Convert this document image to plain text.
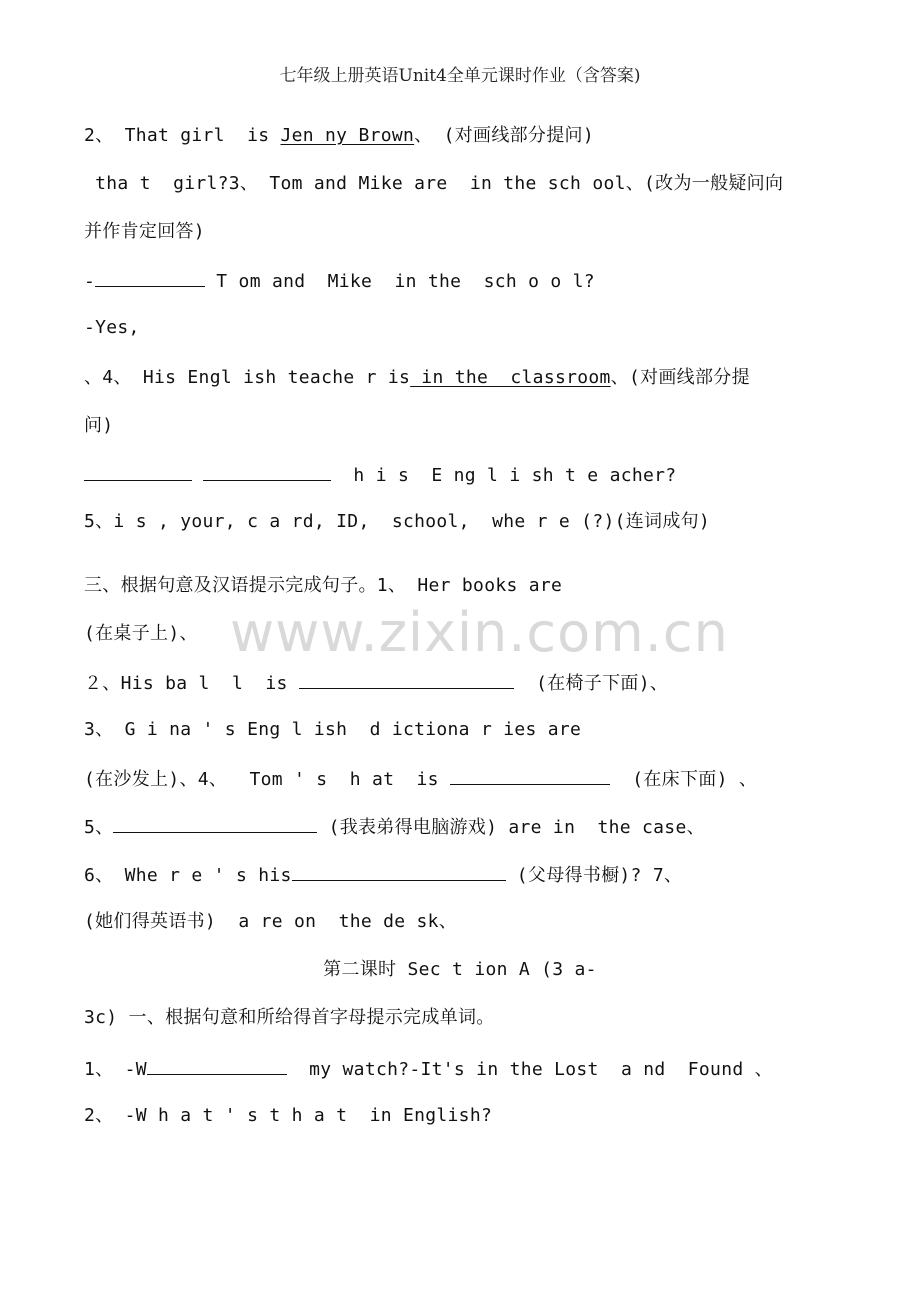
七年级上册英语Unit4全单元课时作业（含答案)
www.zixin.com.cn
2、 That girl  is Jen ny Brown、 (对画线部分提问)﻿﻿
tha t  girl?3﻿、 Tom and Mike are  in the sch ool、(改为一般疑问向
并作肯定回答)
-	T om and  Mike  in the  sch o o l?
-Yes,
、4﻿、 His Engl ish teache r is in the  classroom、(对画线部分提
问)
h i s  E ng l i sh t e acher?
5、i s , your, c a rd, ID,  school,  whe r e (?)(连词成句)﻿
三、根据句意及汉语提示完成句子。1﻿、 Her books are
(在桌子上)、
２、His ba l  l  is	(在椅子下面)、
3、 G i na ' s Eng l ish  d ictiona r ies are
(在沙发上)、4﻿、  Tom ' s  h at  is	(在床下面) 、
5、	(我表弟得电脑游戏) are in  the case、
6、 Whe r e ' s his	(父母得书橱)? 7﻿、
(她们得英语书)  a re on  the de sk、﻿
第二课时 Sec t ion A (3 a-
3c) ﻿一、根据句意和所给得首字母提示完成单词。
1、 -W	my watch?﻿-It's in the Lost  a nd  Found 、
2、 -W h a t ' s t h a t  in English?
